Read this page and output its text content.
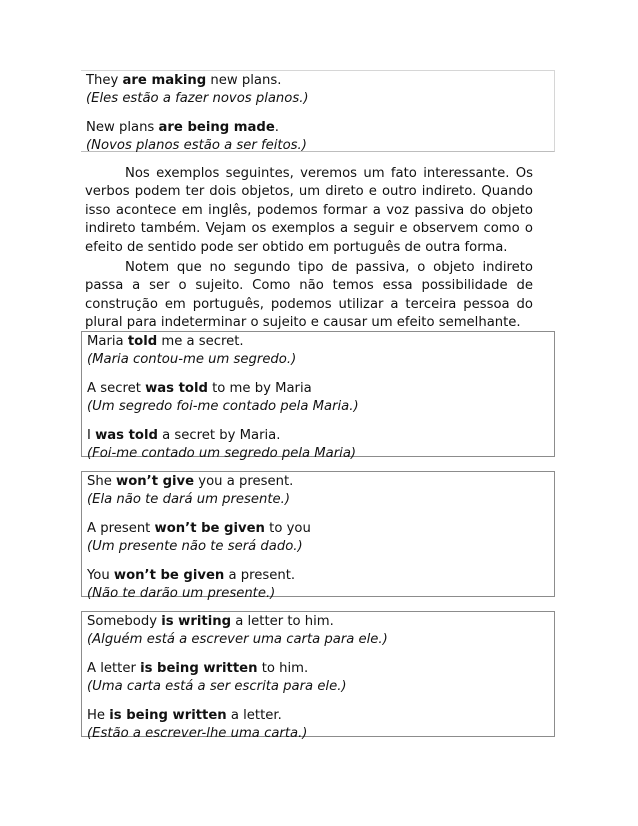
They are making new plans.
(Eles estão a fazer novos planos.)
New plans are being made.
(Novos planos estão a ser feitos.)

Nos exemplos seguintes, veremos um fato interessante. Os verbos podem ter dois objetos, um direto e outro indireto. Quando isso acontece em inglês, podemos formar a voz passiva do objeto indireto também. Vejam os exemplos a seguir e observem como o efeito de sentido pode ser obtido em português de outra forma.

Notem que no segundo tipo de passiva, o objeto indireto passa a ser o sujeito. Como não temos essa possibilidade de construção em português, podemos utilizar a terceira pessoa do plural para indeterminar o sujeito e causar um efeito semelhante.

Maria told me a secret.
(Maria contou-me um segredo.)
A secret was told to me by Maria
(Um segredo foi-me contado pela Maria.)
I was told a secret by Maria.
(Foi-me contado um segredo pela Maria)
She won’t give you a present.
(Ela não te dará um presente.)
A present won’t be given to you
(Um presente não te será dado.)
You won’t be given a present.
(Não te darão um presente.)
Somebody is writing a letter to him.
(Alguém está a escrever uma carta para ele.)
A letter is being written to him.
(Uma carta está a ser escrita para ele.)
He is being written a letter.
(Estão a escrever-lhe uma carta.)
